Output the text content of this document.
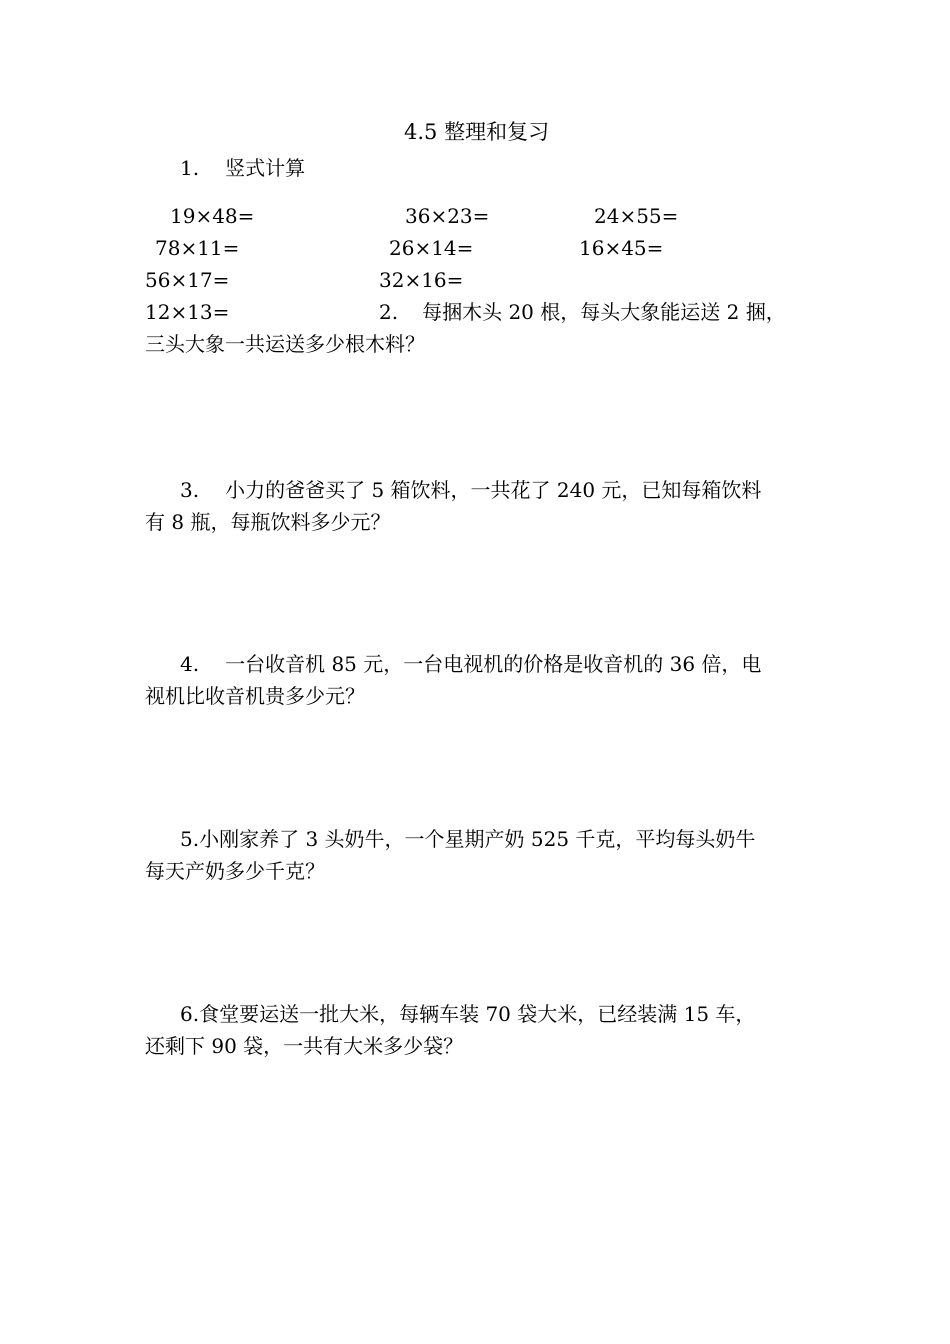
4.5 整理和复习
1. 竖式计算
19×48=	36×23=	24×55=
78×11=	26×14=	16×45=
56×17=	32×16=
12×13=	2. 每捆木头 20 根，每头大象能运送 2 捆，
三头大象一共运送多少根木料？
3. 小力的爸爸买了 5 箱饮料，一共花了 240 元，已知每箱饮料
有 8 瓶，每瓶饮料多少元？
4. 一台收音机 85 元，一台电视机的价格是收音机的 36 倍，电
视机比收音机贵多少元？
5.小刚家养了 3 头奶牛，一个星期产奶 525 千克，平均每头奶牛
每天产奶多少千克？
6.食堂要运送一批大米，每辆车装 70 袋大米，已经装满 15 车，
还剩下 90 袋，一共有大米多少袋？
